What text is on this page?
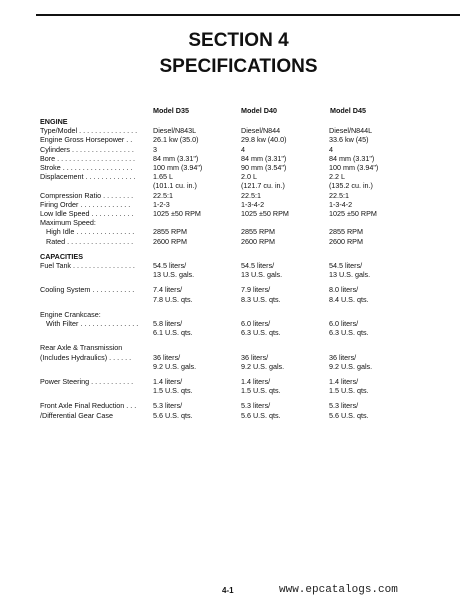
SECTION 4
SPECIFICATIONS
Model D35	Model D40	Model D45
ENGINE
Type/Model . . . . . . . . . . . . . . .	Diesel/N843L	Diesel/N844	Diesel/N844L
Engine Gross Horsepower . .	26.1 kw (35.0)	29.8 kw (40.0)	33.6 kw (45)
Cylinders . . . . . . . . . . . . . . . .	3	4	4
Bore . . . . . . . . . . . . . . . . . . . .	84 mm (3.31")	84 mm (3.31")	84 mm (3.31")
Stroke . . . . . . . . . . . . . . . . . .	100 mm (3.94")	90 mm (3.54")	100 mm (3.94")
Displacement . . . . . . . . . . . . .	1.65 L	2.0 L	2.2 L
(101.1 cu. in.)	(121.7 cu. in.)	(135.2 cu. in.)
Compression Ratio . . . . . . . .	22.5:1	22.5:1	22.5:1
Firing Order . . . . . . . . . . . . .	1-2-3	1-3-4-2	1-3-4-2
Low Idle Speed . . . . . . . . . . .	1025 ±50 RPM	1025 ±50 RPM	1025 ±50 RPM
Maximum Speed:
High Idle . . . . . . . . . . . . . . .	2855 RPM	2855 RPM	2855 RPM
Rated . . . . . . . . . . . . . . . . .	2600 RPM	2600 RPM	2600 RPM
CAPACITIES
Fuel Tank . . . . . . . . . . . . . . . .	54.5 liters/	54.5 liters/	54.5 liters/
13 U.S. gals.	13 U.S. gals.	13 U.S. gals.
Cooling System . . . . . . . . . . .	7.4 liters/	7.9 liters/	8.0 liters/
7.8 U.S. qts.	8.3 U.S. qts.	8.4 U.S. qts.
Engine Crankcase:
With Filter . . . . . . . . . . . . . . .	5.8 liters/	6.0 liters/	6.0 liters/
6.1 U.S. qts.	6.3 U.S. qts.	6.3 U.S. qts.
Rear Axle & Transmission
(Includes Hydraulics) . . . . . .	36 liters/	36 liters/	36 liters/
9.2 U.S. gals.	9.2 U.S. gals.	9.2 U.S. gals.
Power Steering . . . . . . . . . . .	1.4 liters/	1.4 liters/	1.4 liters/
1.5 U.S. qts.	1.5 U.S. qts.	1.5 U.S. qts.
Front Axle Final Reduction . . .	5.3 liters/	5.3 liters/	5.3 liters/
/Differential Gear Case	5.6 U.S. qts.	5.6 U.S. qts.	5.6 U.S. qts.
4-1	www.epcatalogs.com
